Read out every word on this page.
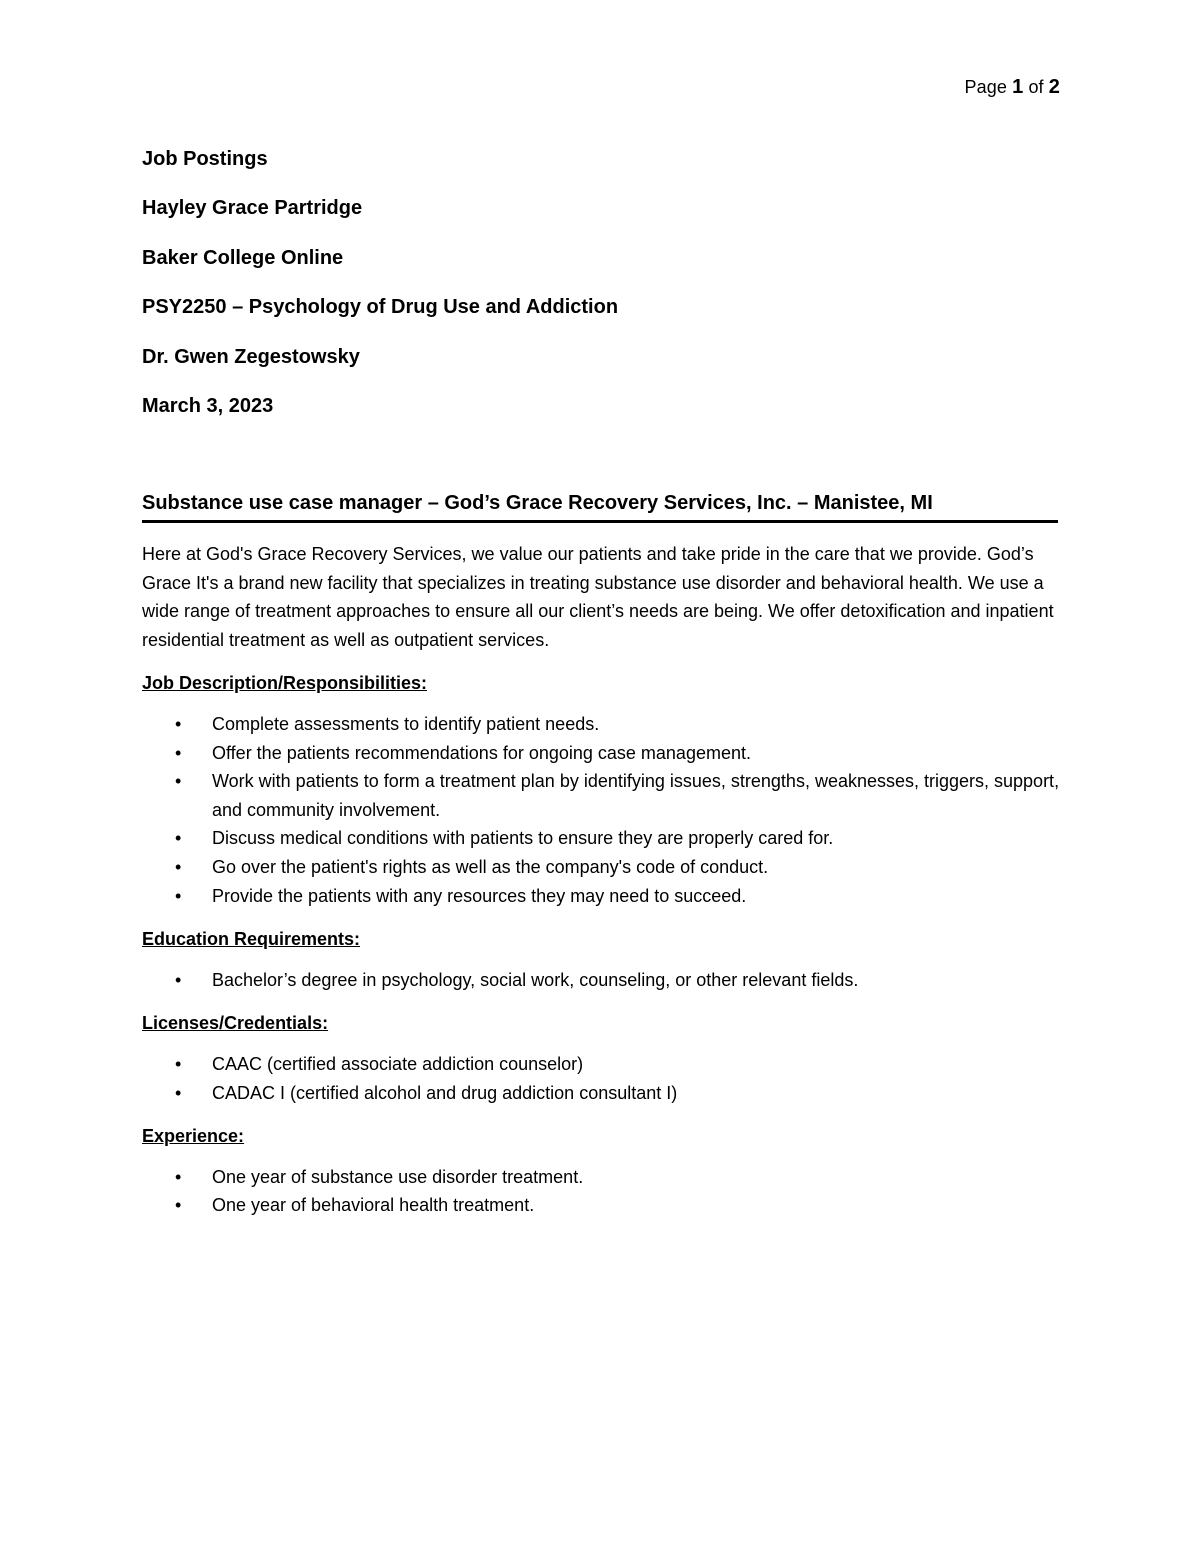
Page 1 of 2
Job Postings
Hayley Grace Partridge
Baker College Online
PSY2250 – Psychology of Drug Use and Addiction
Dr. Gwen Zegestowsky
March 3, 2023
Substance use case manager – God’s Grace Recovery Services, Inc. – Manistee, MI

Here at God's Grace Recovery Services, we value our patients and take pride in the care that we provide. God’s Grace It's a brand new facility that specializes in treating substance use disorder and behavioral health. We use a wide range of treatment approaches to ensure all our client’s needs are being. We offer detoxification and inpatient residential treatment as well as outpatient services.

Job Description/Responsibilities:
• Complete assessments to identify patient needs.
• Offer the patients recommendations for ongoing case management.
• Work with patients to form a treatment plan by identifying issues, strengths, weaknesses, triggers, support, and community involvement.
• Discuss medical conditions with patients to ensure they are properly cared for.
• Go over the patient's rights as well as the company's code of conduct.
• Provide the patients with any resources they may need to succeed.
Education Requirements:
• Bachelor’s degree in psychology, social work, counseling, or other relevant fields.
Licenses/Credentials:
• CAAC (certified associate addiction counselor)
• CADAC I (certified alcohol and drug addiction consultant I)
Experience:
• One year of substance use disorder treatment.
• One year of behavioral health treatment.
